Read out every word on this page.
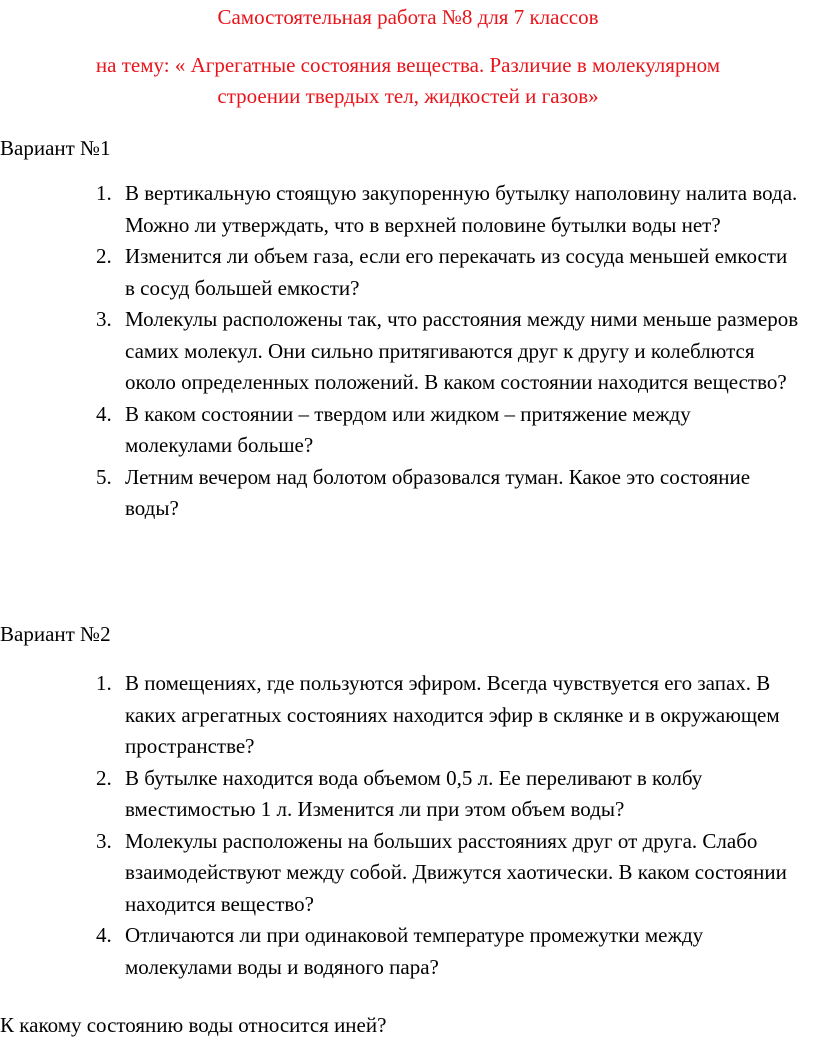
Самостоятельная работа №8 для 7 классов
на тему: « Агрегатные состояния вещества. Различие в молекулярном
строении твердых тел, жидкостей и газов»
Вариант №1
1. В вертикальную стоящую закупоренную бутылку наполовину налита вода. Можно ли утверждать, что в верхней половине бутылки воды нет?
2. Изменится ли объем газа, если его перекачать из сосуда меньшей емкости в сосуд большей емкости?
3. Молекулы расположены так, что расстояния между ними меньше размеров самих молекул. Они сильно притягиваются друг к другу и колеблются около определенных положений. В каком состоянии находится вещество?
4. В каком состоянии – твердом или жидком – притяжение между молекулами больше?
5. Летним вечером над болотом образовался туман. Какое это состояние воды?
Вариант №2
1. В помещениях, где пользуются эфиром. Всегда чувствуется его запах. В каких агрегатных состояниях находится эфир в склянке и в окружающем пространстве?
2. В бутылке находится вода объемом 0,5 л. Ее переливают в колбу вместимостью 1 л. Изменится ли при этом объем воды?
3. Молекулы расположены на больших расстояниях друг от друга. Слабо взаимодействуют между собой. Движутся хаотически. В каком состоянии находится вещество?
4. Отличаются ли при одинаковой температуре промежутки между молекулами воды и водяного пара?
К какому состоянию воды относится иней?
